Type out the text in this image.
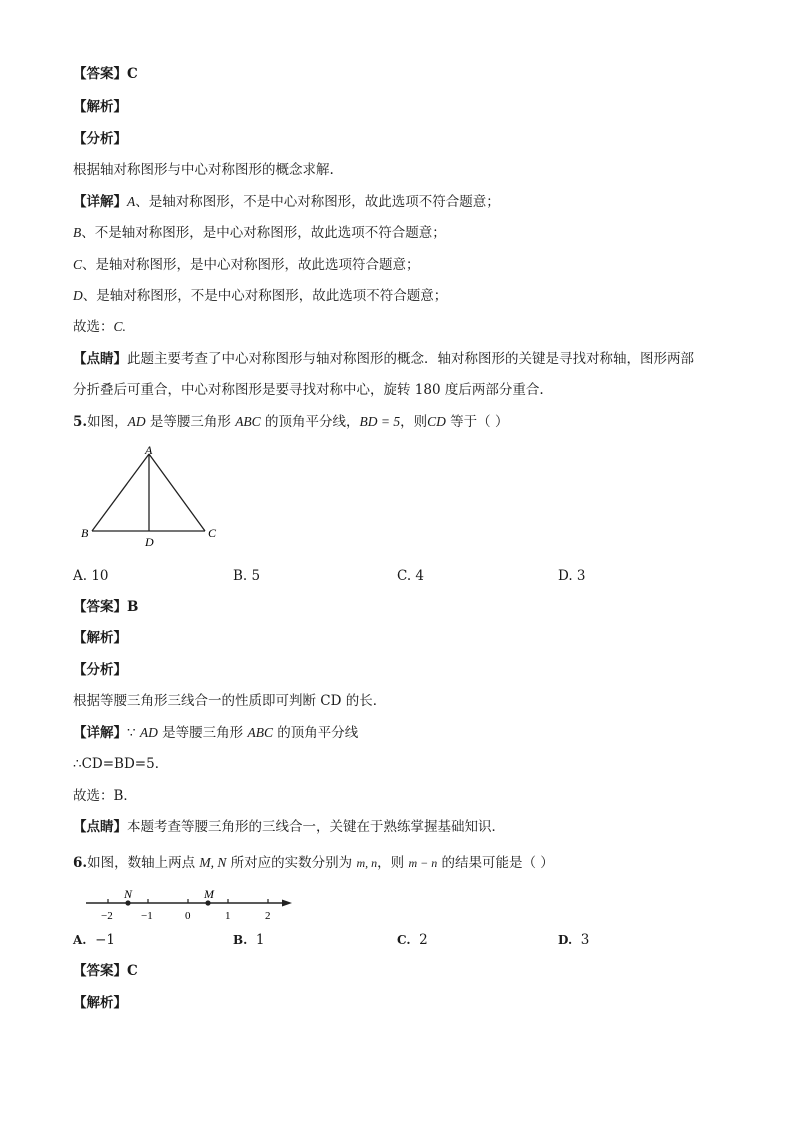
【答案】C
【解析】
【分析】
根据轴对称图形与中心对称图形的概念求解.
【详解】A、是轴对称图形，不是中心对称图形，故此选项不符合题意；
B、不是轴对称图形，是中心对称图形，故此选项不符合题意；
C、是轴对称图形，是中心对称图形，故此选项符合题意；
D、是轴对称图形，不是中心对称图形，故此选项不符合题意；
故选：C.
【点睛】此题主要考查了中心对称图形与轴对称图形的概念．轴对称图形的关键是寻找对称轴，图形两部
分折叠后可重合，中心对称图形是要寻找对称中心，旋转 180 度后两部分重合.
5.如图，AD 是等腰三角形 ABC 的顶角平分线，BD = 5，则CD 等于（ ）
A
B	C
D
A. 10	B. 5	C. 4	D. 3
【答案】B
【解析】
【分析】
根据等腰三角形三线合一的性质即可判断 CD 的长．
【详解】∵ AD 是等腰三角形 ABC 的顶角平分线
∴CD=BD=5．
故选：B．
【点睛】本题考查等腰三角形的三线合一，关键在于熟练掌握基础知识．
6.如图，数轴上两点 M, N 所对应的实数分别为 m, n，则 m − n 的结果可能是（ ）
−2	−1	0	1	2
N	M
A. −1	B. 1	C. 2	D. 3
【答案】C
【解析】
